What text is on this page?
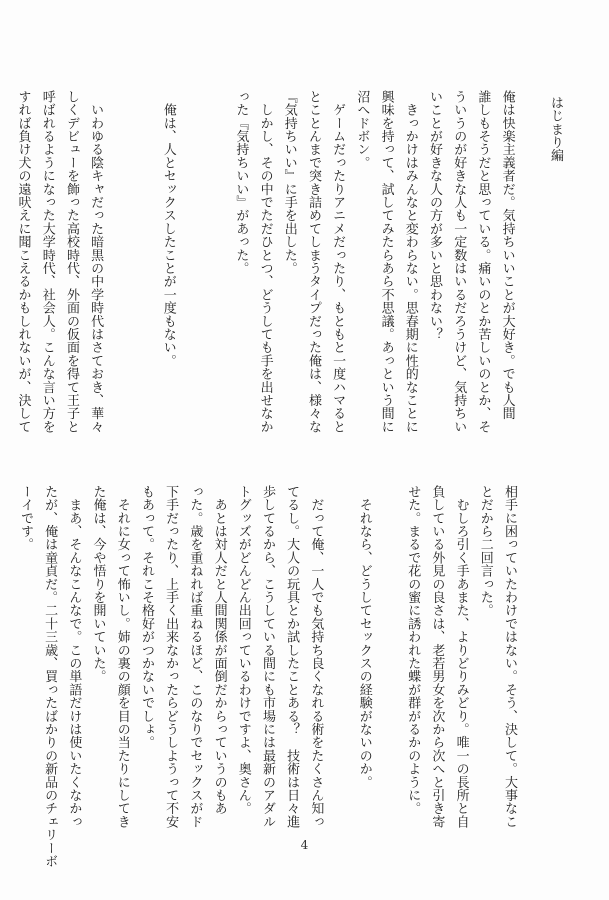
はじまり編

俺は快楽主義者だ。気持ちいいことが大好き。でも人間
誰しもそうだと思っている。痛いのとか苦しいのとか、そ
ういうのが好きな人も一定数はいるだろうけど、気持ちい
いことが好きな人の方が多いと思わない？
　きっかけはみんなと変わらない。思春期に性的なことに
興味を持って、試してみたらあら不思議。あっという間に
沼へドボン。
　ゲームだったりアニメだったり、もともと一度ハマると
とことんまで突き詰めてしまうタイプだった俺は、様々な
『気持ちいい』に手を出した。
　しかし、その中でただひとつ、どうしても手を出せなか
った『気持ちいい』があった。

　俺は、人とセックスしたことが一度もない。

　いわゆる陰キャだった暗黒の中学時代はさておき、華々
しくデビューを飾った高校時代、外面の仮面を得て王子と
呼ばれるようになった大学時代、社会人。こんな言い方を
すれば負け犬の遠吠えに聞こえるかもしれないが、決して
相手に困っていたわけではない。そう、決して。大事なこ
とだから二回言った。
　むしろ引く手あまた、よりどりみどり。唯一の長所と自
負している外見の良さは、老若男女を次から次へと引き寄
せた。まるで花の蜜に誘われた蝶が群がるかのように。

　それなら、どうしてセックスの経験がないのか。

　だって俺、一人でも気持ち良くなれる術をたくさん知っ
てるし。大人の玩具とか試したことある？　技術は日々進
歩してるから、こうしている間にも市場には最新のアダル
トグッズがどんどん出回っているわけですよ、奥さん。
　あとは対人だと人間関係が面倒だからっていうのもあ
った。歳を重ねれば重ねるほど、このなりでセックスがド
下手だったり、上手く出来なかったらどうしようって不安
もあって。それこそ格好がつかないでしょ。
　それに女って怖いし。姉の裏の顔を目の当たりにしてき
た俺は、今や悟りを開いていた。
　まあ、そんなこんなで。この単語だけは使いたくなかっ
たが、俺は童貞だ。二十三歳、買ったばかりの新品のチェリーボ
ーイです。
4
